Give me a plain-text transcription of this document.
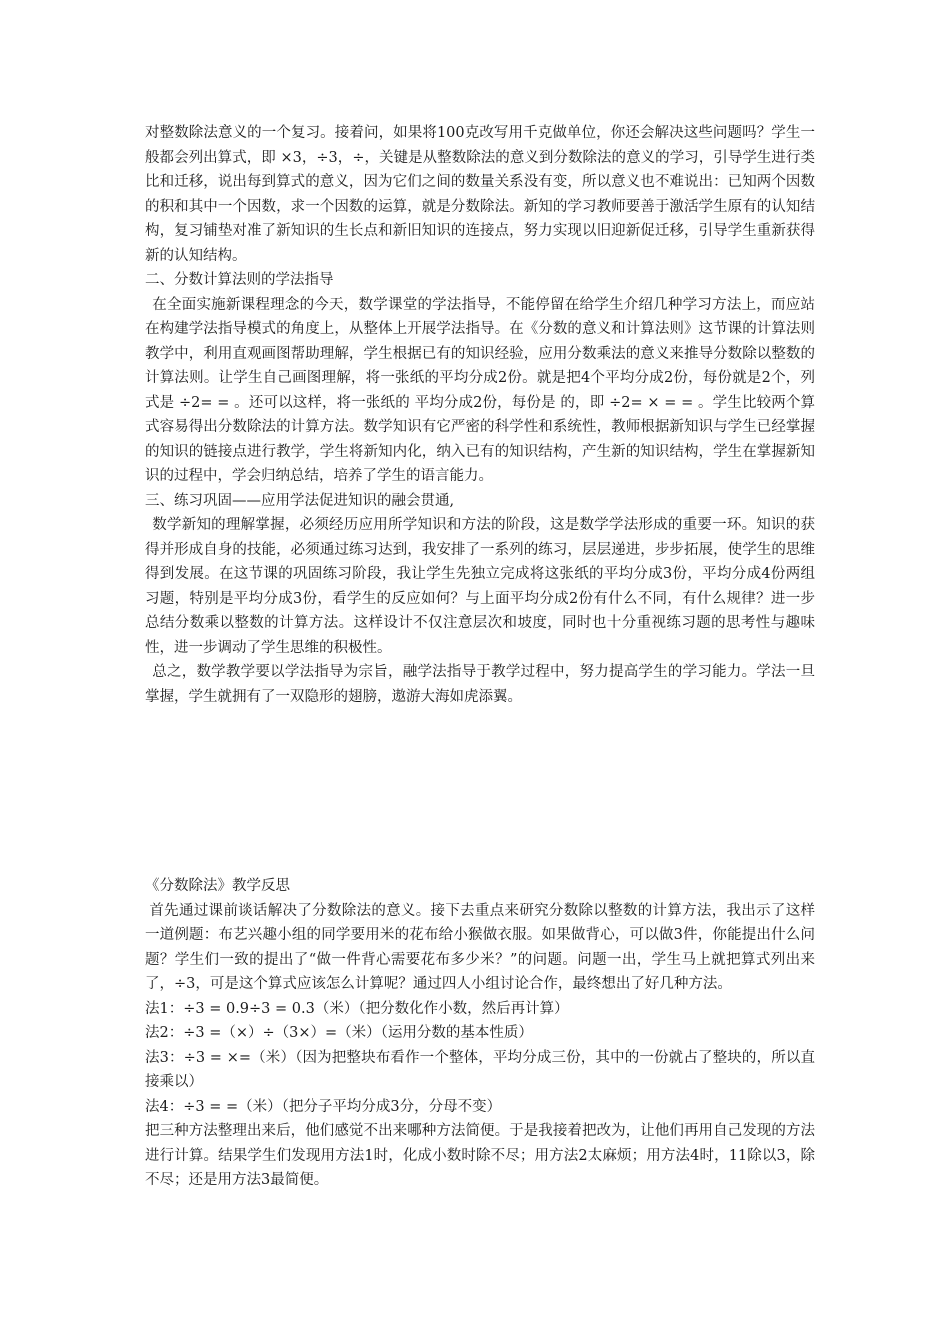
对整数除法意义的一个复习。接着问，如果将100克改写用千克做单位，你还会解决这些问题吗？学生一般都会列出算式，即 ×3，÷3，÷，关键是从整数除法的意义到分数除法的意义的学习，引导学生进行类比和迁移，说出每到算式的意义，因为它们之间的数量关系没有变，所以意义也不难说出：已知两个因数的积和其中一个因数，求一个因数的运算，就是分数除法。新知的学习教师要善于激活学生原有的认知结构，复习铺垫对准了新知识的生长点和新旧知识的连接点，努力实现以旧迎新促迁移，引导学生重新获得新的认知结构。

二、分数计算法则的学法指导

在全面实施新课程理念的今天，数学课堂的学法指导，不能停留在给学生介绍几种学习方法上，而应站在构建学法指导模式的角度上，从整体上开展学法指导。在《分数的意义和计算法则》这节课的计算法则教学中，利用直观画图帮助理解，学生根据已有的知识经验，应用分数乘法的意义来推导分数除以整数的计算法则。让学生自己画图理解，将一张纸的平均分成2份。就是把4个平均分成2份，每份就是2个，列式是 ÷2= = 。还可以这样，将一张纸的 平均分成2份，每份是 的，即 ÷2= × = = 。学生比较两个算式容易得出分数除法的计算方法。数学知识有它严密的科学性和系统性，教师根据新知识与学生已经掌握的知识的链接点进行教学，学生将新知内化，纳入已有的知识结构，产生新的知识结构，学生在掌握新知识的过程中，学会归纳总结，培养了学生的语言能力。

三、练习巩固——应用学法促进知识的融会贯通,

数学新知的理解掌握，必须经历应用所学知识和方法的阶段，这是数学学法形成的重要一环。知识的获得并形成自身的技能，必须通过练习达到，我安排了一系列的练习，层层递进，步步拓展，使学生的思维得到发展。在这节课的巩固练习阶段，我让学生先独立完成将这张纸的平均分成3份，平均分成4份两组习题，特别是平均分成3份，看学生的反应如何？与上面平均分成2份有什么不同，有什么规律？进一步总结分数乘以整数的计算方法。这样设计不仅注意层次和坡度，同时也十分重视练习题的思考性与趣味性，进一步调动了学生思维的积极性。

总之，数学教学要以学法指导为宗旨，融学法指导于教学过程中，努力提高学生的学习能力。学法一旦掌握，学生就拥有了一双隐形的翅膀，遨游大海如虎添翼。

《分数除法》教学反思

首先通过课前谈话解决了分数除法的意义。接下去重点来研究分数除以整数的计算方法，我出示了这样一道例题：布艺兴趣小组的同学要用米的花布给小猴做衣服。如果做背心，可以做3件，你能提出什么问题？学生们一致的提出了“做一件背心需要花布多少米？”的问题。问题一出，学生马上就把算式列出来了，÷3，可是这个算式应该怎么计算呢？通过四人小组讨论合作，最终想出了好几种方法。

法1：÷3 = 0.9÷3 = 0.3（米）（把分数化作小数，然后再计算）

法2：÷3 =（×）÷（3×）=（米）（运用分数的基本性质）

法3：÷3 = ×=（米）（因为把整块布看作一个整体，平均分成三份，其中的一份就占了整块的，所以直接乘以）

法4：÷3 = =（米）（把分子平均分成3分，分母不变）

把三种方法整理出来后，他们感觉不出来哪种方法简便。于是我接着把改为，让他们再用自己发现的方法进行计算。结果学生们发现用方法1时，化成小数时除不尽；用方法2太麻烦；用方法4时，11除以3，除不尽；还是用方法3最简便。
